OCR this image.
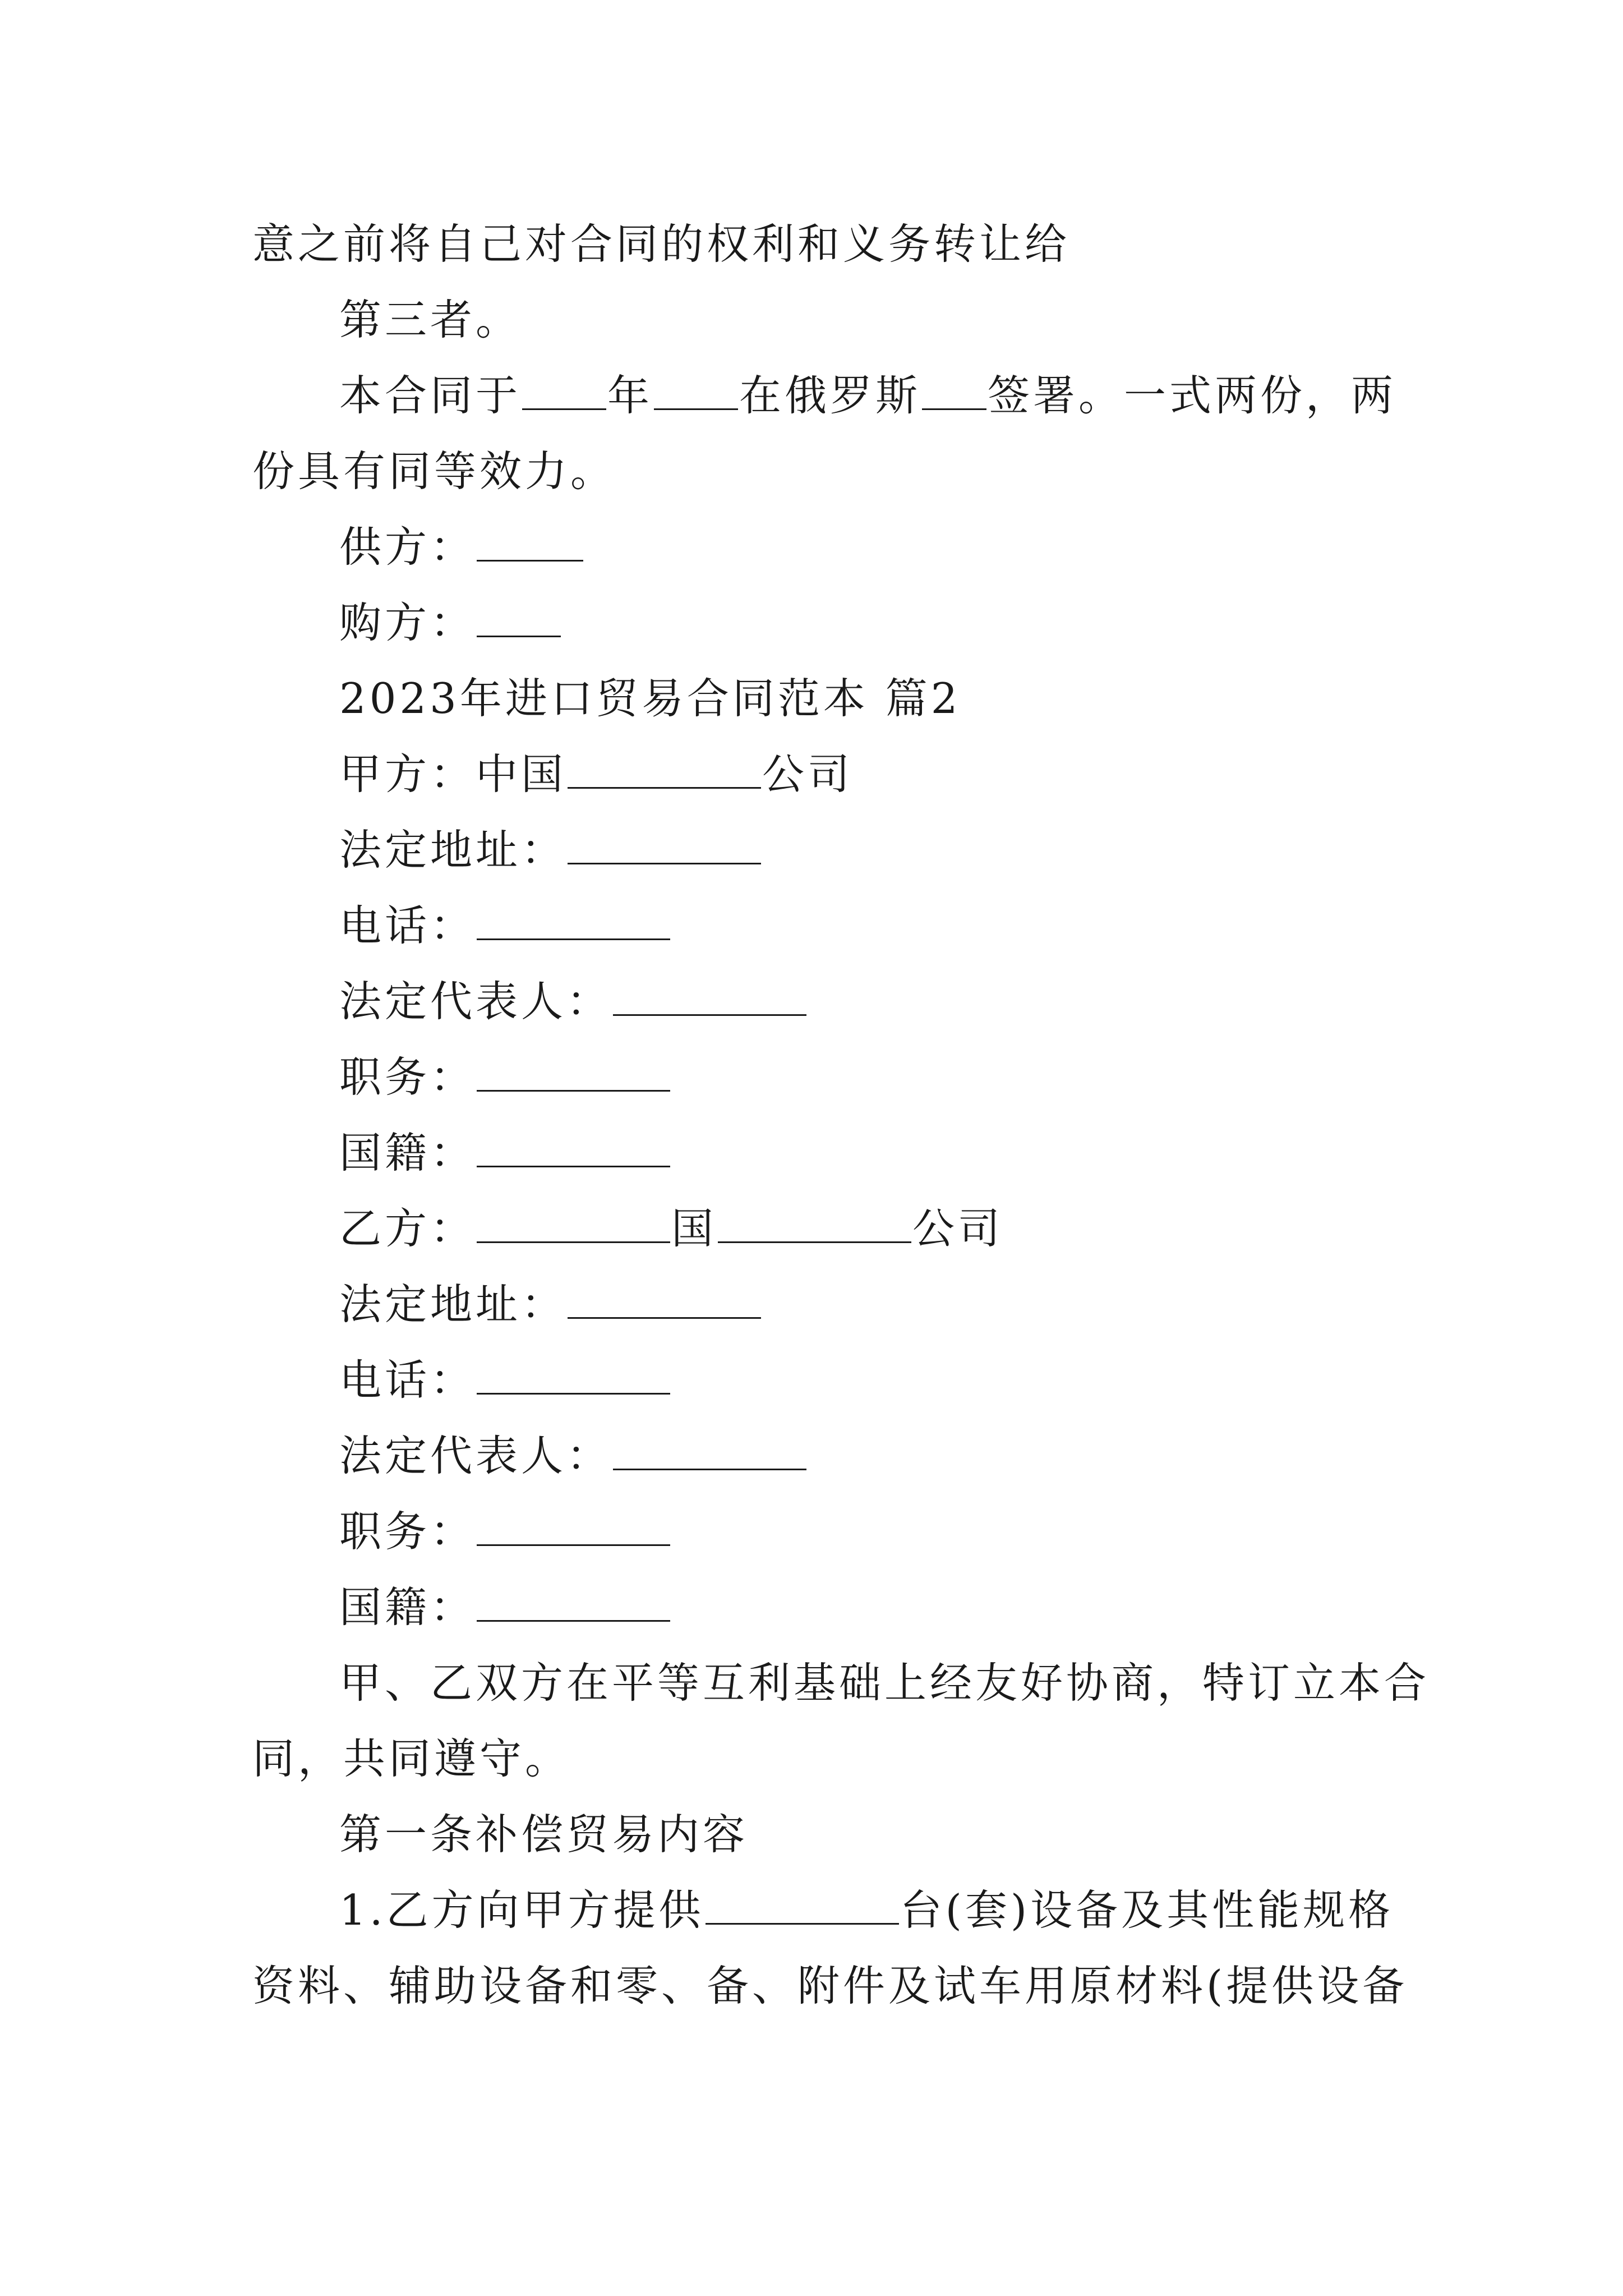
意之前将自己对合同的权利和义务转让给
第三者。
本合同于 年 在俄罗斯 签署。一式两份，两
份具有同等效力。
供方：
购方：
2023年进口贸易合同范本 篇2
甲方：中国	公司
法定地址：
电话：
法定代表人：
职务：
国籍：
乙方：	国	公司
法定地址：
电话：
法定代表人：
职务：
国籍：
甲、乙双方在平等互利基础上经友好协商，特订立本合
同，共同遵守。
第一条补偿贸易内容
1.乙方向甲方提供	台(套)设备及其性能规格
资料、辅助设备和零、备、附件及试车用原材料(提供设备
